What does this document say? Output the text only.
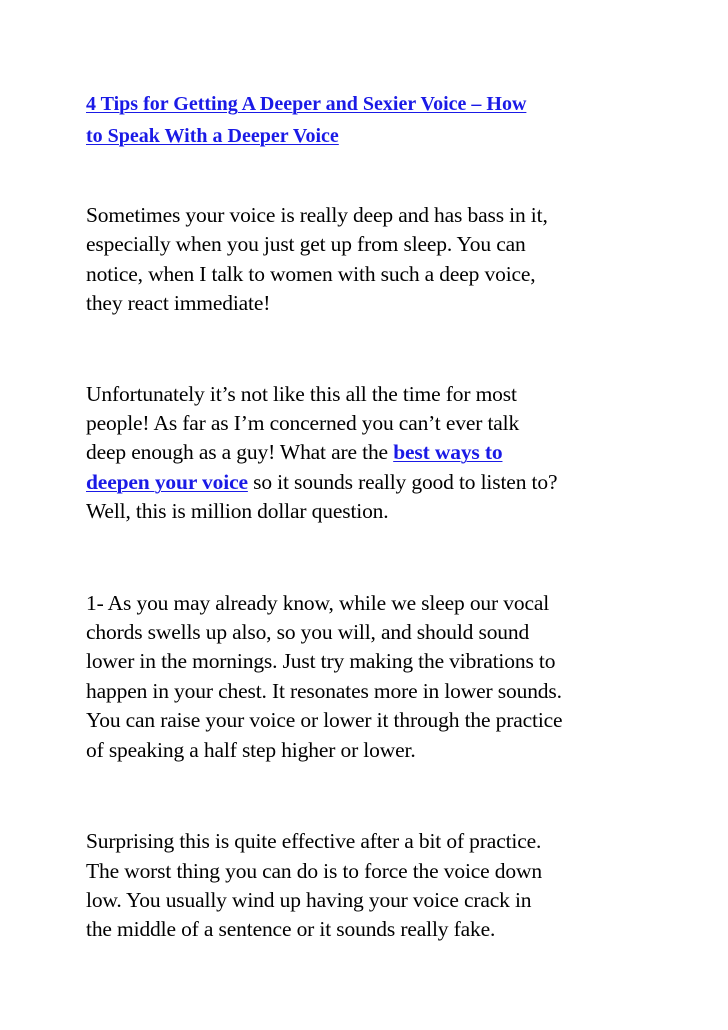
4 Tips for Getting A Deeper and Sexier Voice – How
to Speak With a Deeper Voice

Sometimes your voice is really deep and has bass in it,
especially when you just get up from sleep. You can
notice, when I talk to women with such a deep voice,
they react immediate!

Unfortunately it’s not like this all the time for most
people! As far as I’m concerned you can’t ever talk
deep enough as a guy! What are the best ways to
deepen your voice so it sounds really good to listen to?
Well, this is million dollar question.

1- As you may already know, while we sleep our vocal
chords swells up also, so you will, and should sound
lower in the mornings. Just try making the vibrations to
happen in your chest. It resonates more in lower sounds.
You can raise your voice or lower it through the practice
of speaking a half step higher or lower.

Surprising this is quite effective after a bit of practice.
The worst thing you can do is to force the voice down
low. You usually wind up having your voice crack in
the middle of a sentence or it sounds really fake.
